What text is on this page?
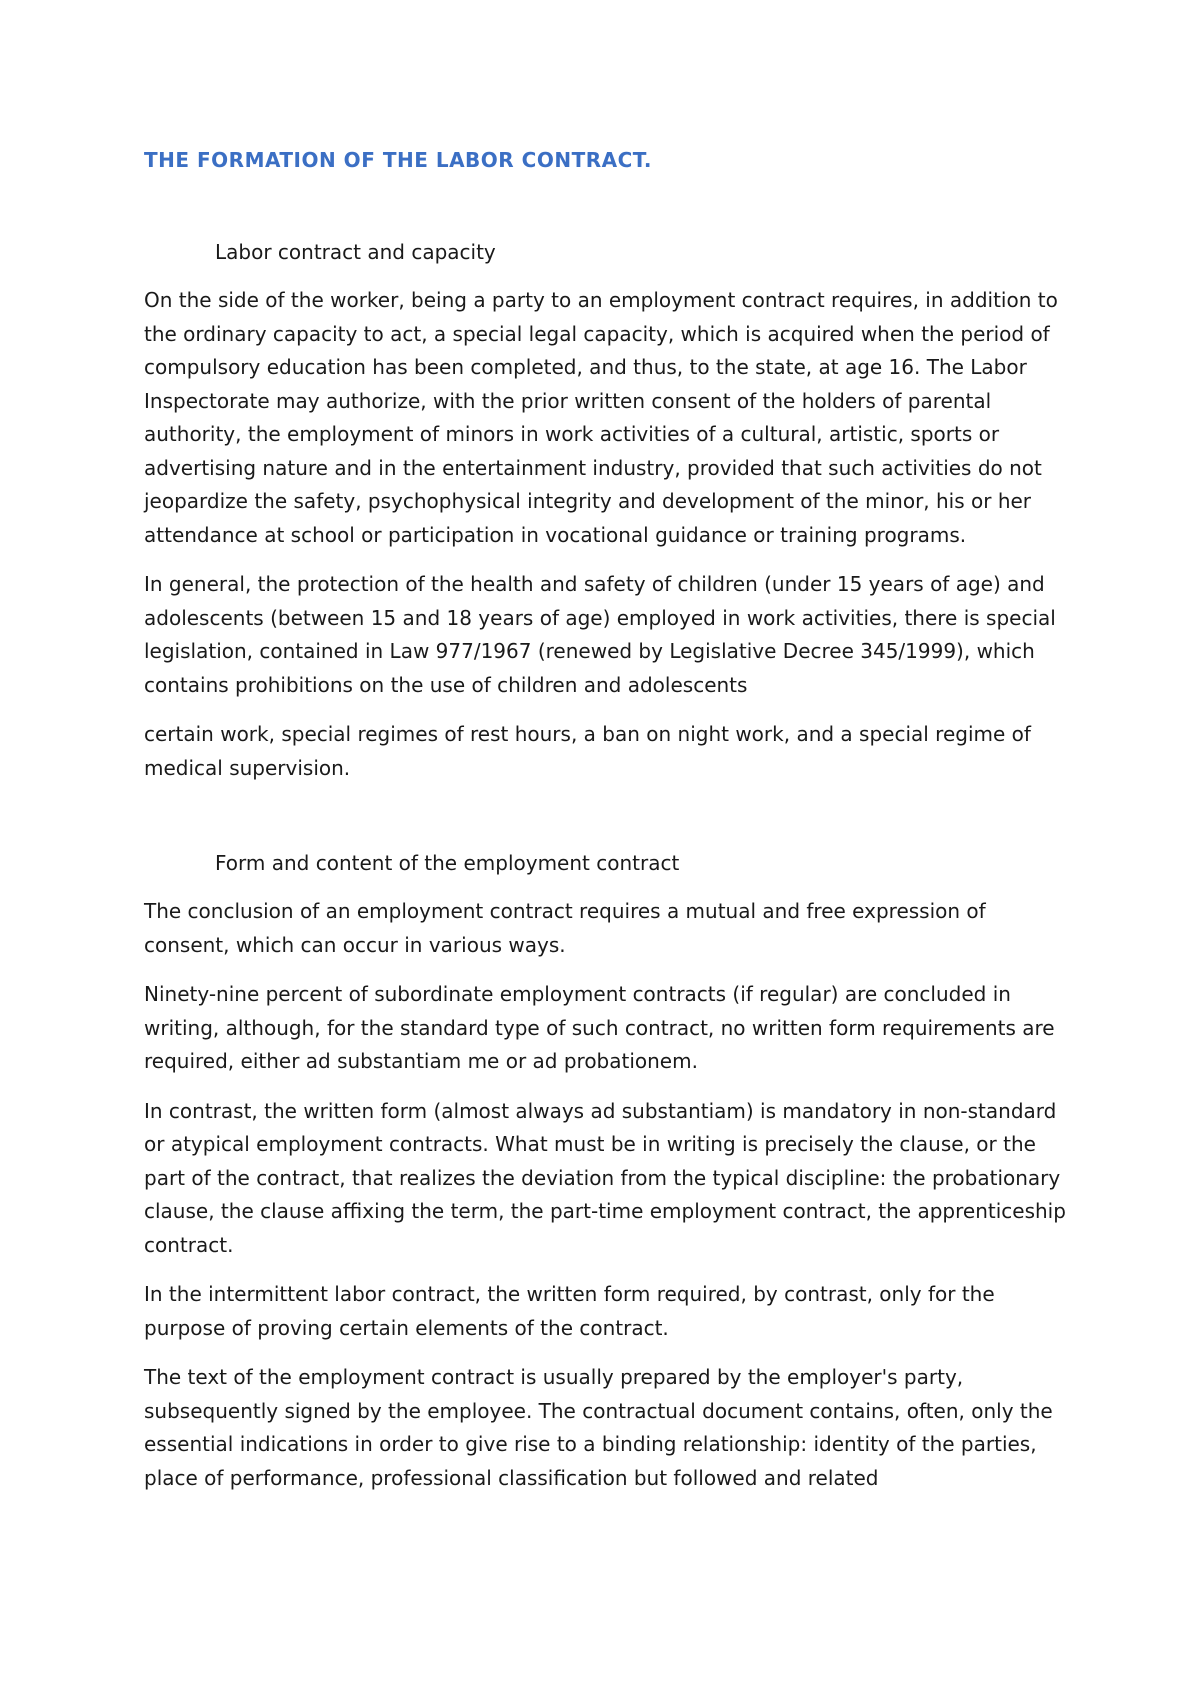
THE FORMATION OF THE LABOR CONTRACT.
Labor contract and capacity

On the side of the worker, being a party to an employment contract requires, in addition to the ordinary capacity to act, a special legal capacity, which is acquired when the period of compulsory education has been completed, and thus, to the state, at age 16. The Labor Inspectorate may authorize, with the prior written consent of the holders of parental authority, the employment of minors in work activities of a cultural, artistic, sports or advertising nature and in the entertainment industry, provided that such activities do not jeopardize the safety, psychophysical integrity and development of the minor, his or her attendance at school or participation in vocational guidance or training programs.

In general, the protection of the health and safety of children (under 15 years of age) and adolescents (between 15 and 18 years of age) employed in work activities, there is special legislation, contained in Law 977/1967 (renewed by Legislative Decree 345/1999), which contains prohibitions on the use of children and adolescents

certain work, special regimes of rest hours, a ban on night work, and a special regime of medical supervision.

Form and content of the employment contract

The conclusion of an employment contract requires a mutual and free expression of consent, which can occur in various ways.

Ninety-nine percent of subordinate employment contracts (if regular) are concluded in writing, although, for the standard type of such contract, no written form requirements are required, either ad substantiam me or ad probationem.

In contrast, the written form (almost always ad substantiam) is mandatory in non-standard or atypical employment contracts. What must be in writing is precisely the clause, or the part of the contract, that realizes the deviation from the typical discipline: the probationary clause, the clause affixing the term, the part-time employment contract, the apprenticeship contract.

In the intermittent labor contract, the written form required, by contrast, only for the purpose of proving certain elements of the contract.

The text of the employment contract is usually prepared by the employer's party, subsequently signed by the employee. The contractual document contains, often, only the essential indications in order to give rise to a binding relationship: identity of the parties, place of performance, professional classification but followed and related
